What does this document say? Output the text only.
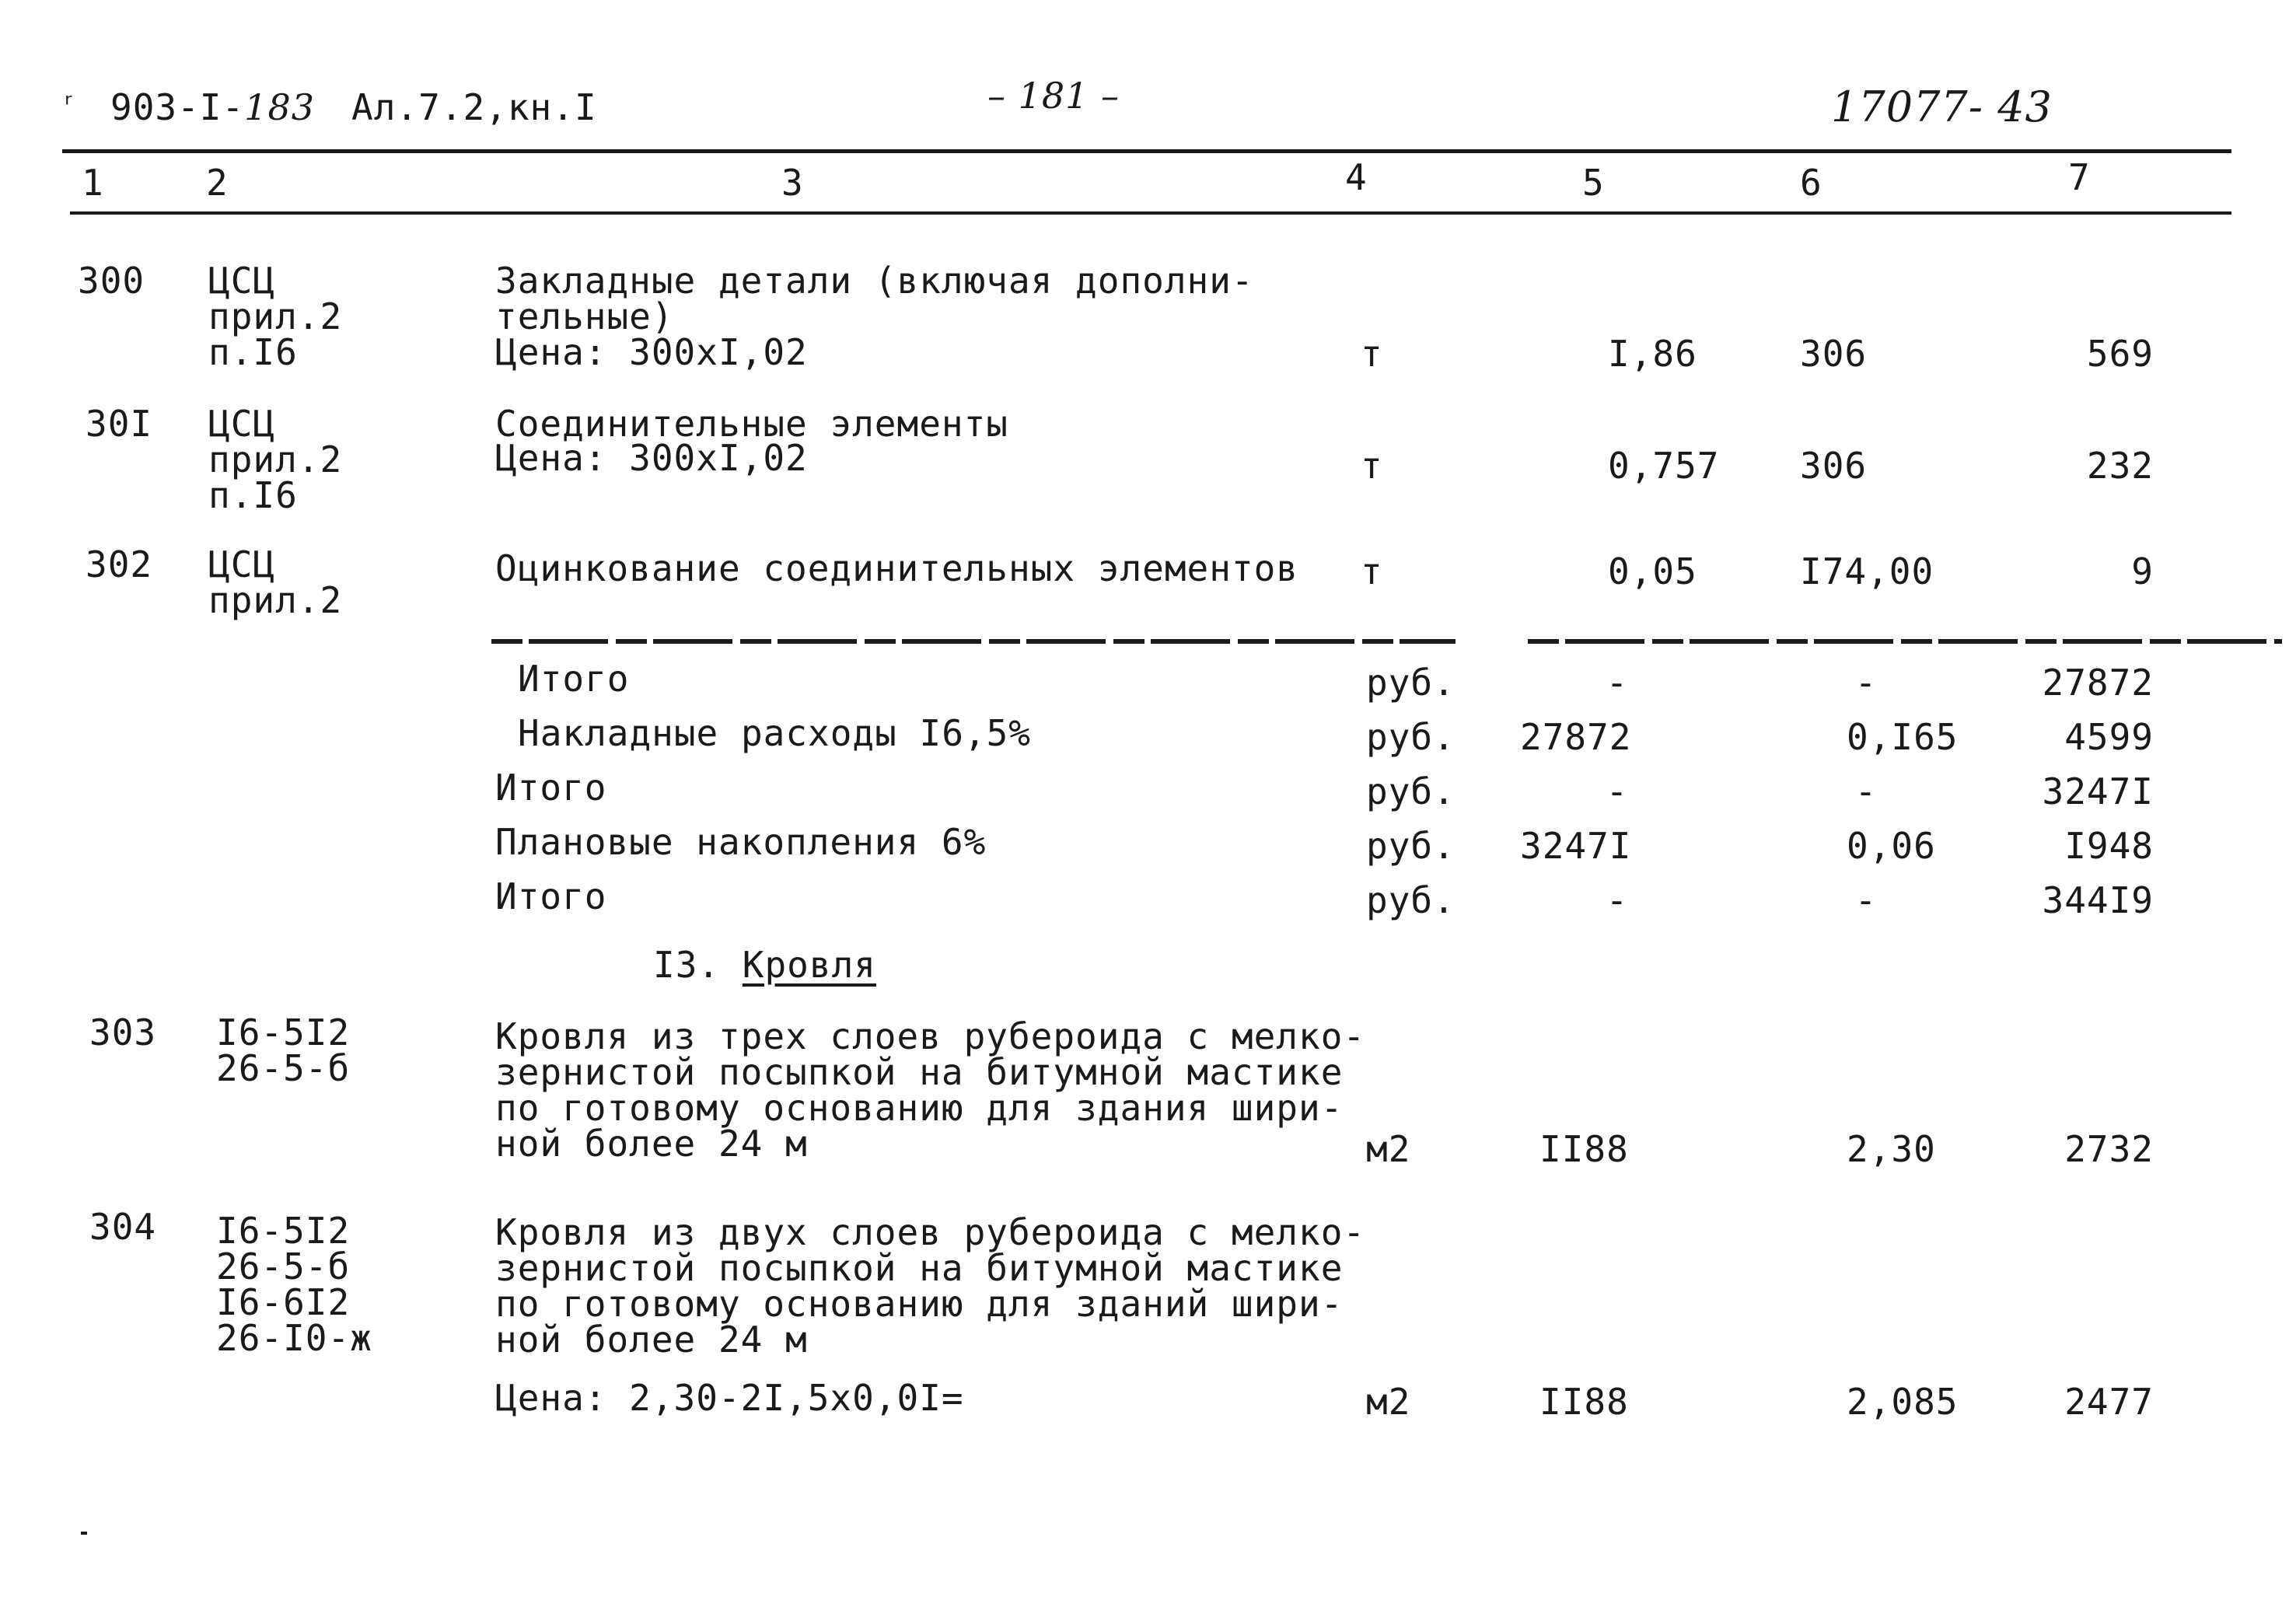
ʳ 903-I-183 Ал.7.2,кн.I	– 181 –	17077- 43
1	2	3	4	5	6	7
300 ЦСЦ
прил.2
п.I6
Закладные детали (включая дополни-
тельные)
Цена: 300хI,02	т	I,86	306	569
30I ЦСЦ
прил.2
п.I6
Соединительные элементы
Цена: 300хI,02	т	0,757 306	232
302 ЦСЦ
прил.2
Оцинкование соединительных элементов т	0,05	I74,00	9
Итого	руб.	-	-	27872
Накладные расходы I6,5%	руб. 27872	0,I65	4599
Итого	руб.	-	-	3247I
Плановые накопления 6%	руб. 3247I	0,06	I948
Итого	руб.	-	-	344I9
I3. Кровля
303 I6-5I2
26-5-б
Кровля из трех слоев рубероида с мелко-
зернистой посыпкой на битумной мастике
по готовому основанию для здания шири-
ной более 24 м	м2	II88	2,30	2732
304 I6-5I2
26-5-б
I6-6I2
26-I0-ж
Кровля из двух слоев рубероида с мелко-
зернистой посыпкой на битумной мастике
по готовому основанию для зданий шири-
ной более 24 м
Цена: 2,30-2I,5х0,0I=	м2	II88	2,085	2477
